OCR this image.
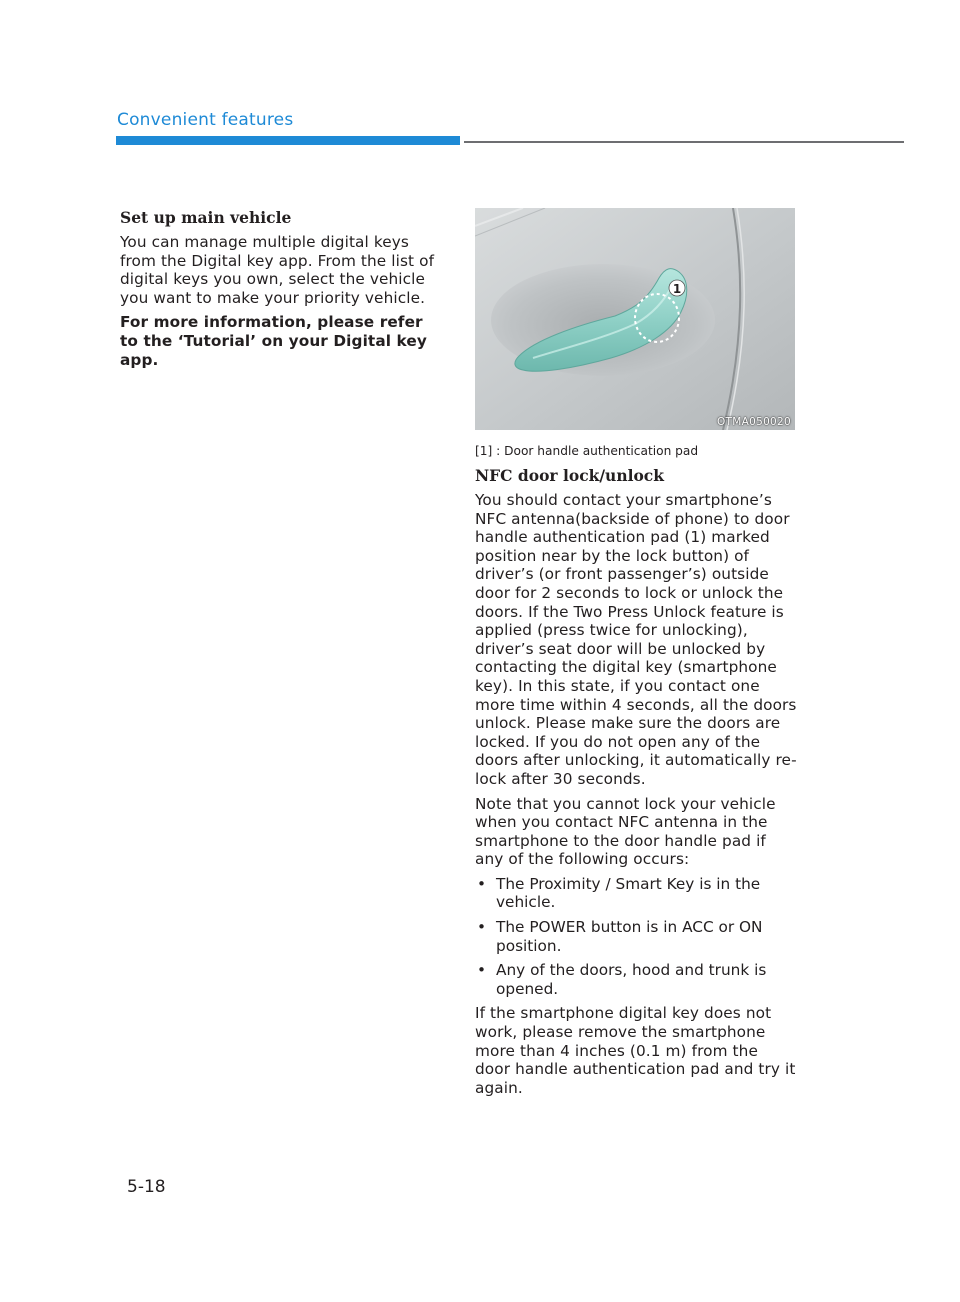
Convenient features
Set up main vehicle

You can manage multiple digital keys from the Digital key app. From the list of digital keys you own, select the vehicle you want to make your priority vehicle.

For more information, please refer to the ‘Tutorial’ on your Digital key app.

1
OTMA050020
[1] : Door handle authentication pad
NFC door lock/unlock

You should contact your smartphone’s NFC antenna(backside of phone) to door handle authentication pad (1) marked position near by the lock button) of driver’s (or front passenger’s) outside door for 2 seconds to lock or unlock the doors. If the Two Press Unlock feature is applied (press twice for unlocking), driver’s seat door will be unlocked by contacting the digital key (smartphone key). In this state, if you contact one more time within 4 seconds, all the doors unlock. Please make sure the doors are locked. If you do not open any of the doors after unlocking, it automatically re-lock after 30 seconds.

Note that you cannot lock your vehicle when you contact NFC antenna in the smartphone to the door handle pad if any of the following occurs:

• The Proximity / Smart Key is in the vehicle.
• The POWER button is in ACC or ON position.
• Any of the doors, hood and trunk is opened.

If the smartphone digital key does not work, please remove the smartphone more than 4 inches (0.1 m) from the door handle authentication pad and try it again.

5-18
